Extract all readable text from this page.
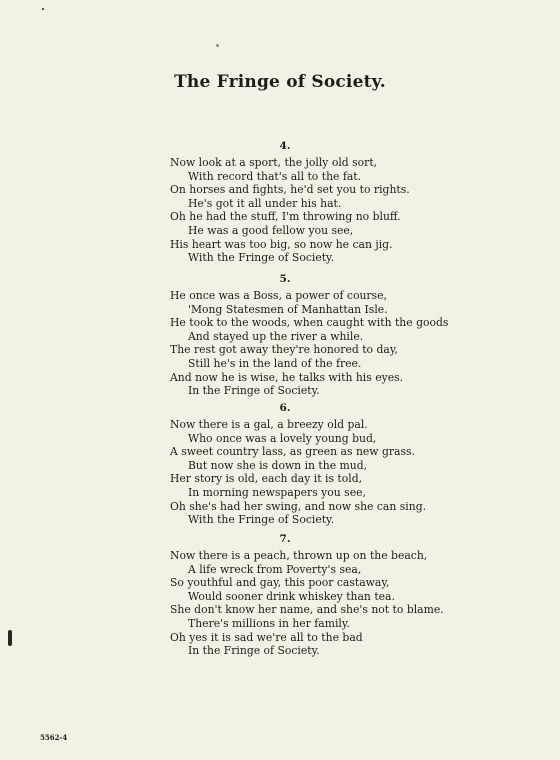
The Fringe of Society.
4.
Now look at a sport, the jolly old sort,
With record that's all to the fat.
On horses and fights, he'd set you to rights.
He's got it all under his hat.
Oh he had the stuff, I'm throwing no bluff.
He was a good fellow you see,
His heart was too big, so now he can jig.
With the Fringe of Society.
5.
He once was a Boss, a power of course,
'Mong Statesmen of Manhattan Isle.
He took to the woods, when caught with the goods
And stayed up the river a while.
The rest got away they're honored to day,
Still he's in the land of the free.
And now he is wise, he talks with his eyes.
In the Fringe of Society.
6.
Now there is a gal, a breezy old pal.
Who once was a lovely young bud,
A sweet country lass, as green as new grass.
But now she is down in the mud,
Her story is old, each day it is told,
In morning newspapers you see,
Oh she's had her swing, and now she can sing.
With the Fringe of Society.
7.
Now there is a peach, thrown up on the beach,
A life wreck from Poverty's sea,
So youthful and gay, this poor castaway,
Would sooner drink whiskey than tea.
She don't know her name, and she's not to blame.
There's millions in her family.
Oh yes it is sad we're all to the bad
In the Fringe of Society.
5562-4
